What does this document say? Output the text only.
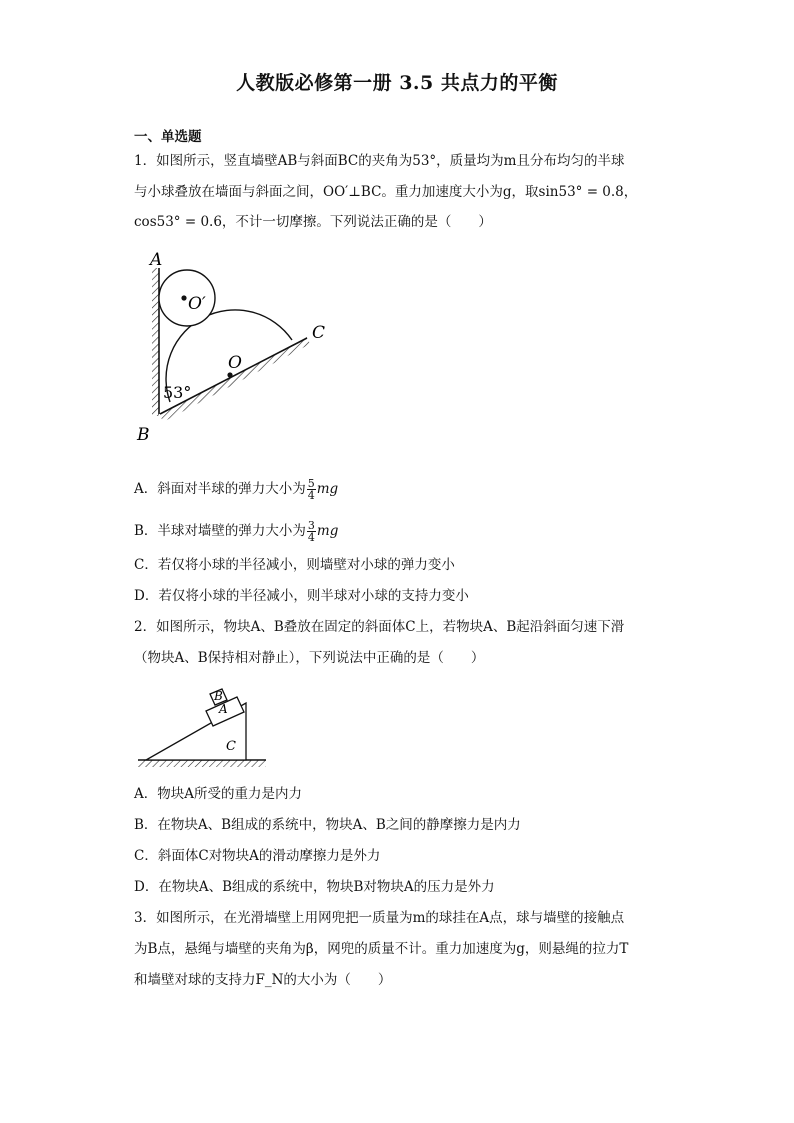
人教版必修第一册 3.5 共点力的平衡
一、单选题
1．如图所示，竖直墙壁AB与斜面BC的夹角为53°，质量均为m且分布均匀的半球
与小球叠放在墙面与斜面之间，OO′⊥BC。重力加速度大小为g，取sin53° = 0.8，
cos53° = 0.6，不计一切摩擦。下列说法正确的是（　　）
A
B
C
O
O′
53°
A．斜面对半球的弹力大小为 $\frac{5}{4}$ mg
B．半球对墙壁的弹力大小为 $\frac{3}{4}$ mg
C．若仅将小球的半径减小，则墙壁对小球的弹力变小
D．若仅将小球的半径减小，则半球对小球的支持力变小
2．如图所示，物块A、B叠放在固定的斜面体C上，若物块A、B起沿斜面匀速下滑
（物块A、B保持相对静止），下列说法中正确的是（　　）
B
A
C
A．物块A所受的重力是内力
B．在物块A、B组成的系统中，物块A、B之间的静摩擦力是内力
C．斜面体C对物块A的滑动摩擦力是外力
D．在物块A、B组成的系统中，物块B对物块A的压力是外力
3．如图所示，在光滑墙壁上用网兜把一质量为m的球挂在A点，球与墙壁的接触点
为B点，悬绳与墙壁的夹角为β，网兜的质量不计。重力加速度为g，则悬绳的拉力T
和墙壁对球的支持力F_N的大小为（　　）
